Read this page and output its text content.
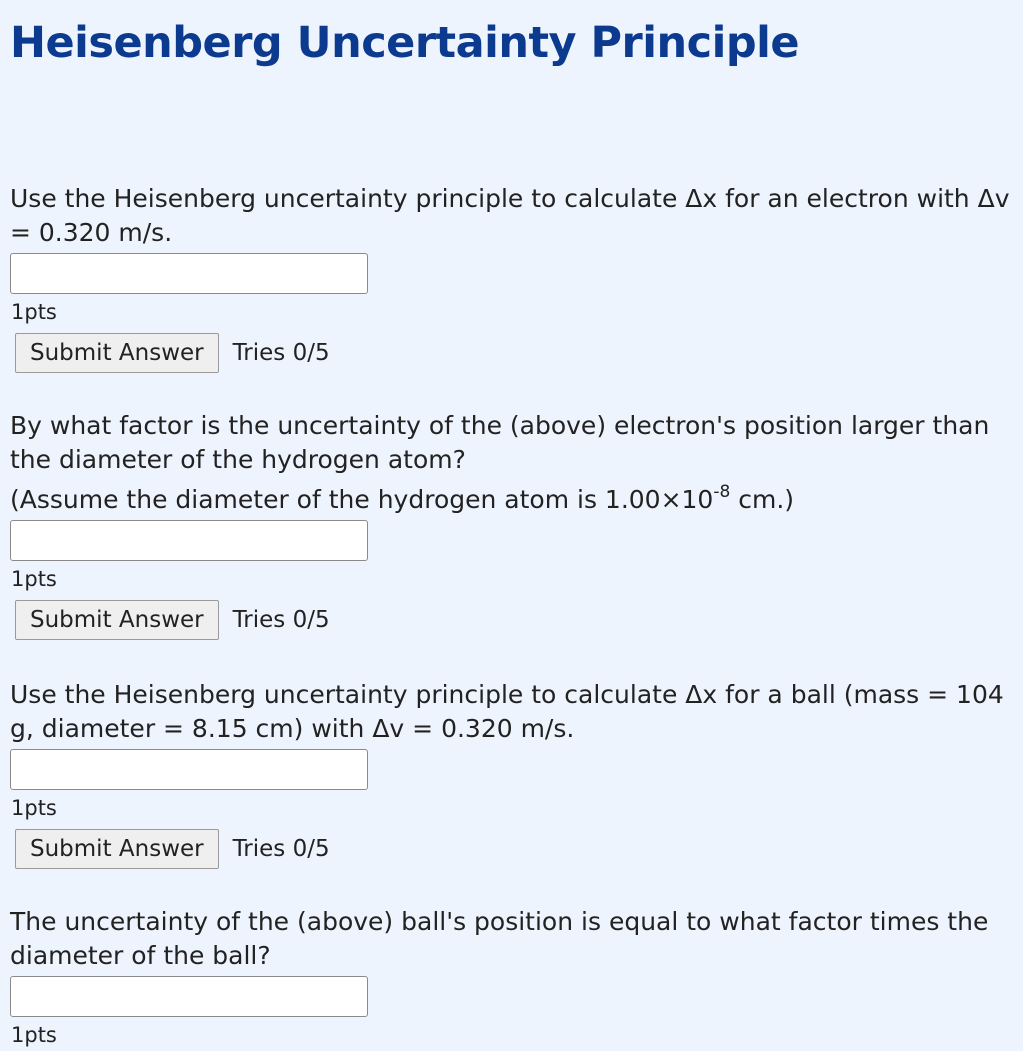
Heisenberg Uncertainty Principle

Use the Heisenberg uncertainty principle to calculate Δx for an electron with Δv = 0.320 m/s.

1pts
Submit Answer	Tries 0/5

By what factor is the uncertainty of the (above) electron's position larger than the diameter of the hydrogen atom?

(Assume the diameter of the hydrogen atom is $1.00\times 10^{-8}$ cm.)

1pts
Submit Answer	Tries 0/5

Use the Heisenberg uncertainty principle to calculate Δx for a ball (mass = 104 g, diameter = 8.15 cm) with Δv = 0.320 m/s.

1pts
Submit Answer	Tries 0/5

The uncertainty of the (above) ball's position is equal to what factor times the diameter of the ball?

1pts
